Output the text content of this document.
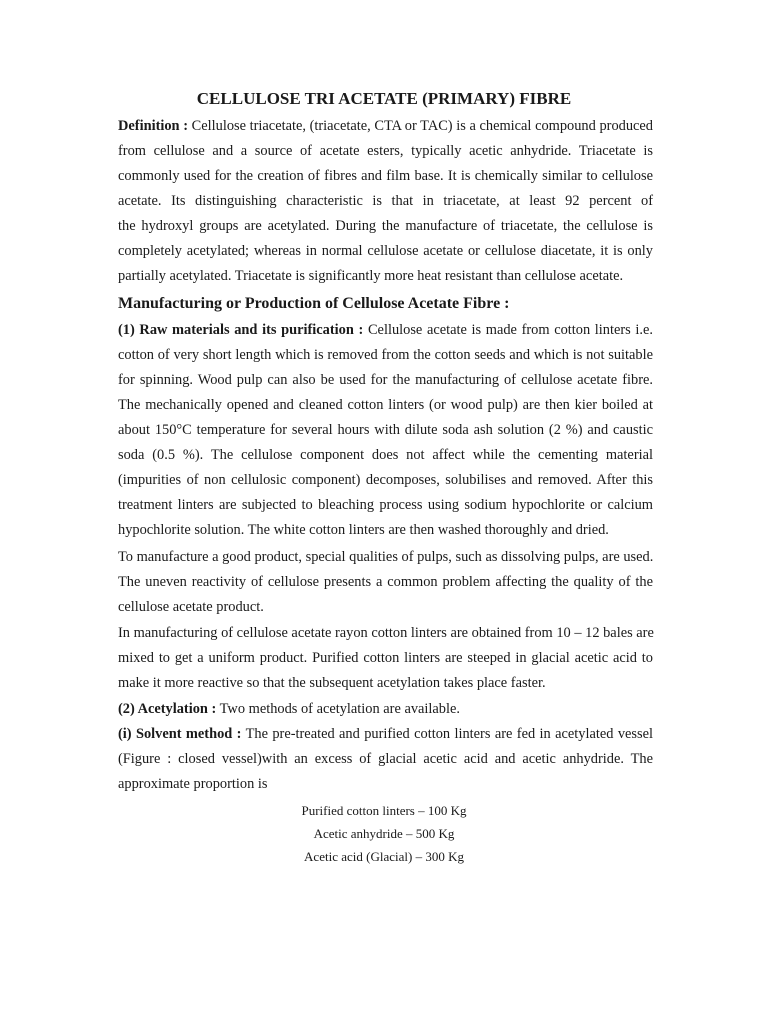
CELLULOSE TRI ACETATE (PRIMARY) FIBRE
Definition : Cellulose triacetate, (triacetate, CTA or TAC) is a chemical compound produced
from cellulose and a source of acetate esters, typically acetic anhydride. Triacetate is
commonly used for the creation of fibres and film base. It is chemically similar to cellulose
acetate. Its distinguishing characteristic is that in triacetate, at least 92 percent of
the hydroxyl groups are acetylated. During the manufacture of triacetate, the cellulose is
completely acetylated; whereas in normal cellulose acetate or cellulose diacetate, it is only
partially acetylated. Triacetate is significantly more heat resistant than cellulose acetate.
Manufacturing or Production of Cellulose Acetate Fibre :
(1) Raw materials and its purification : Cellulose acetate is made from cotton linters i.e.
cotton of very short length which is removed from the cotton seeds and which is not suitable
for spinning. Wood pulp can also be used for the manufacturing of cellulose acetate fibre.
The mechanically opened and cleaned cotton linters (or wood pulp) are then kier boiled at
about 150°C temperature for several hours with dilute soda ash solution (2 %) and caustic
soda (0.5 %). The cellulose component does not affect while the cementing material
(impurities of non cellulosic component) decomposes, solubilises and removed. After this
treatment linters are subjected to bleaching process using sodium hypochlorite or calcium
hypochlorite solution. The white cotton linters are then washed thoroughly and dried.
To manufacture a good product, special qualities of pulps, such as dissolving pulps, are used.
The uneven reactivity of cellulose presents a common problem affecting the quality of the
cellulose acetate product.
In manufacturing of cellulose acetate rayon cotton linters are obtained from 10 – 12 bales are
mixed to get a uniform product. Purified cotton linters are steeped in glacial acetic acid to
make it more reactive so that the subsequent acetylation takes place faster.
(2) Acetylation : Two methods of acetylation are available.
(i) Solvent method : The pre-treated and purified cotton linters are fed in acetylated vessel
(Figure : closed vessel)with an excess of glacial acetic acid and acetic anhydride. The
approximate proportion is
Purified cotton linters – 100 Kg
Acetic anhydride – 500 Kg
Acetic acid (Glacial) – 300 Kg
